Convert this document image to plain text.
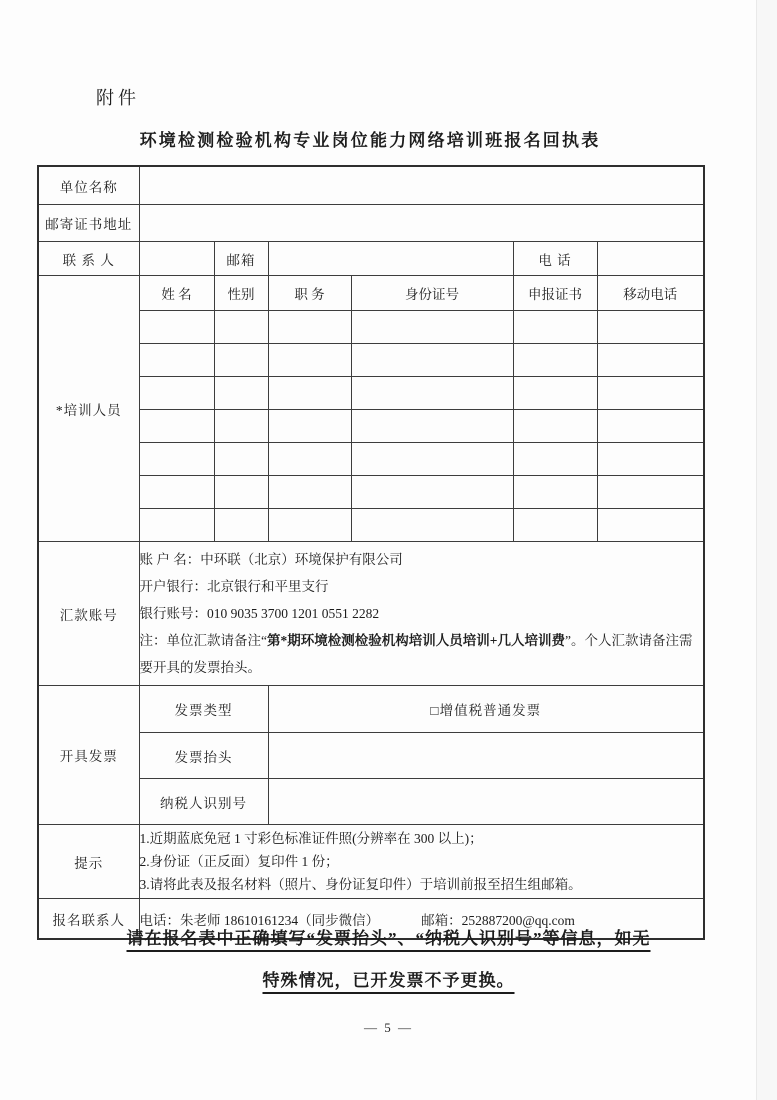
附件
环境检测检验机构专业岗位能力网络培训班报名回执表
单位名称						
邮寄证书地址						
联 系 人		邮箱			电 话	
*培训人员	姓 名	性别	职 务	身份证号	申报证书	移动电话

汇款账号	账 户 名：中环联（北京）环境保护有限公司
开户银行：北京银行和平里支行
银行账号：010 9035 3700 1201 0551 2282
注：单位汇款请备注“第*期环境检测检验机构培训人员培训+几人培训费”。个人汇款请备注需要开具的发票抬头。					

开具发票	发票类型		□增值税普通发票			
	发票抬头					
	纳税人识别号					
提示	1.近期蓝底免冠 1 寸彩色标准证件照(分辨率在 300 以上)；
2.身份证（正反面）复印件 1 份；
3.请将此表及报名材料（照片、身份证复印件）于培训前报至招生组邮箱。					

报名联系人	电话：朱老师 18610161234（同步微信） 邮箱：252887200@qq.com					
请在报名表中正确填写“发票抬头”、“纳税人识别号”等信息，如无
特殊情况，已开发票不予更换。
— 5 —
